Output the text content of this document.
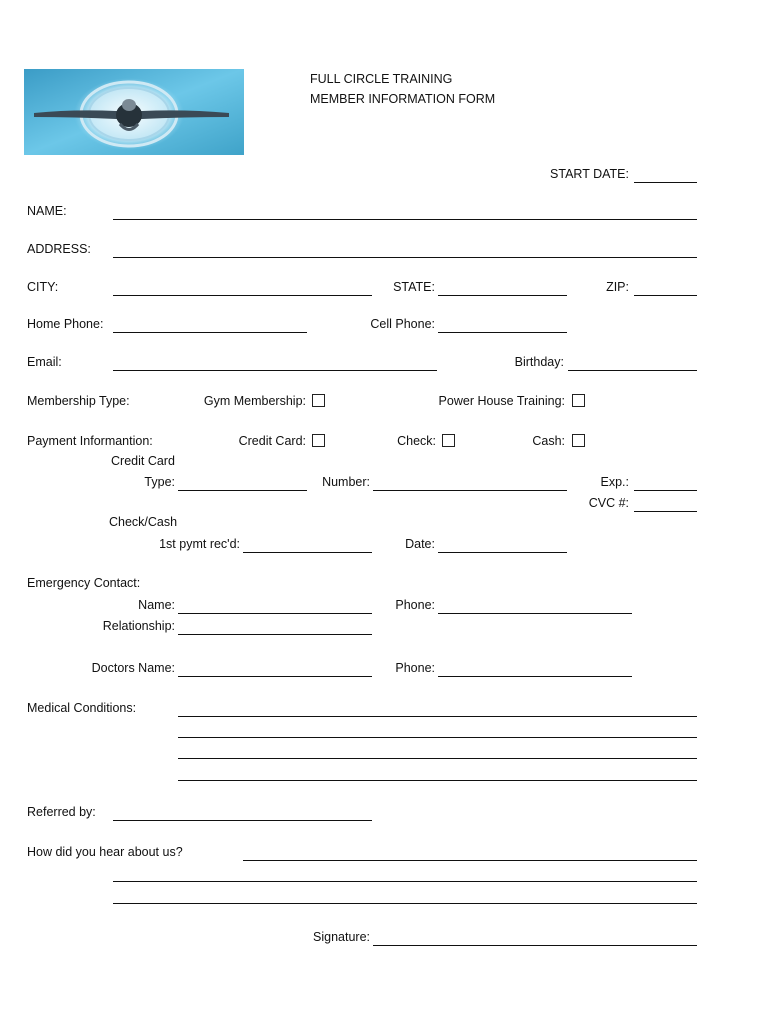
FULL CIRCLE TRAINING
MEMBER INFORMATION FORM
START DATE:
NAME:
ADDRESS:
CITY:	STATE:	ZIP:
Home Phone:	Cell Phone:
Email:	Birthday:
Membership Type:	Gym Membership:	Power House Training:
Payment Informantion:	Credit Card:	Check:	Cash:
Credit Card
Type:	Number:	Exp.:
CVC #:
Check/Cash
1st pymt rec'd:	Date:
Emergency Contact:
Name:	Phone:
Relationship:
Doctors Name:	Phone:
Medical Conditions:
Referred by:
How did you hear about us?
Signature:
